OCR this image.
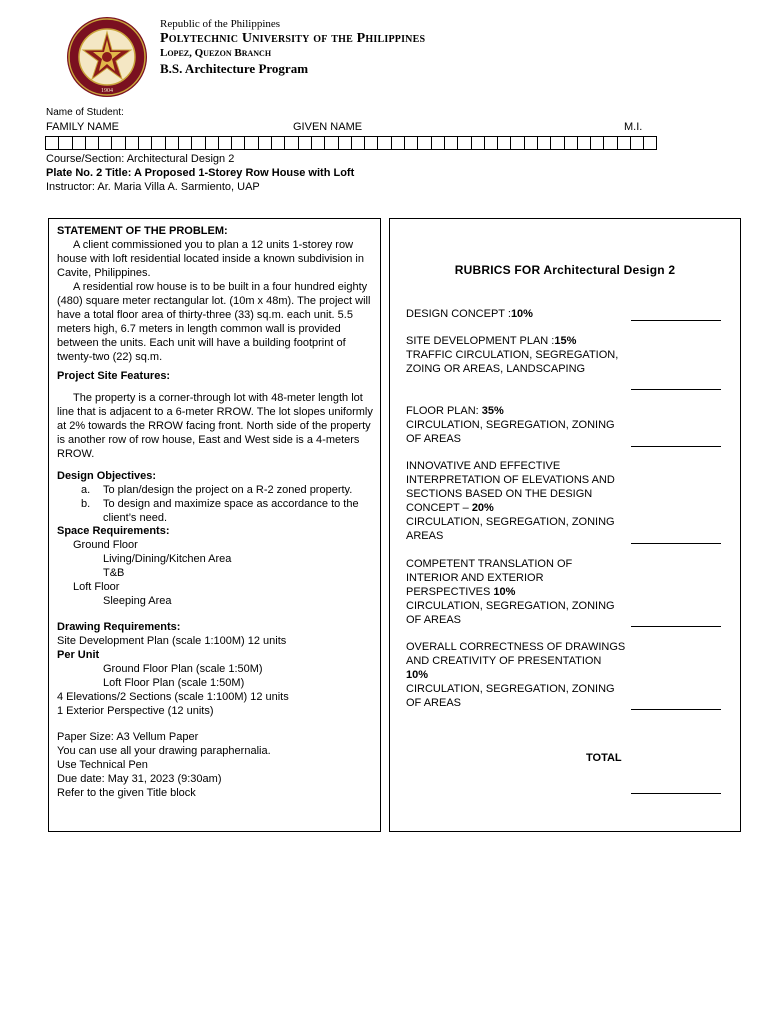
1904
Republic of the Philippines
Polytechnic University of the Philippines
Lopez, Quezon Branch
B.S. Architecture Program
Name of Student:
FAMILY NAME	GIVEN NAME	M.I.
Course/Section: Architectural Design 2
Plate No. 2 Title: A Proposed 1-Storey Row House with Loft
Instructor: Ar. Maria Villa A. Sarmiento, UAP

STATEMENT OF THE PROBLEM:

A client commissioned you to plan a 12 units 1-storey row house with loft residential located inside a known subdivision in Cavite, Philippines.

A residential row house is to be built in a four hundred eighty (480) square meter rectangular lot. (10m x 48m). The project will have a total floor area of thirty-three (33) sq.m. each unit. 5.5 meters high, 6.7 meters in length common wall is provided between the units. Each unit will have a building footprint of twenty-two (22) sq.m.

Project Site Features:

The property is a corner-through lot with 48-meter length lot line that is adjacent to a 6-meter RROW. The lot slopes uniformly at 2% towards the RROW facing front. North side of the property is another row of row house, East and West side is a 4-meters RROW.

Design Objectives:

a.	To plan/design the project on a R-2 zoned property.
b.	To design and maximize space as accordance to the client’s need.

Space Requirements:

Ground Floor

Living/Dining/Kitchen Area

T&B

Loft Floor

Sleeping Area

Drawing Requirements:

Site Development Plan (scale 1:100M) 12 units

Per Unit

Ground Floor Plan (scale 1:50M)

Loft Floor Plan (scale 1:50M)

4 Elevations/2 Sections (scale 1:100M) 12 units

1 Exterior Perspective (12 units)

Paper Size: A3 Vellum Paper

You can use all your drawing paraphernalia.

Use Technical Pen

Due date: May 31, 2023 (9:30am)

Refer to the given Title block

RUBRICS FOR Architectural Design 2
DESIGN CONCEPT :10%
SITE DEVELOPMENT PLAN :15%
TRAFFIC CIRCULATION, SEGREGATION, ZOING OR AREAS, LANDSCAPING
FLOOR PLAN: 35%
CIRCULATION, SEGREGATION, ZONING OF AREAS
INNOVATIVE AND EFFECTIVE INTERPRETATION OF ELEVATIONS AND SECTIONS BASED ON THE DESIGN CONCEPT – 20%
CIRCULATION, SEGREGATION, ZONING AREAS
COMPETENT TRANSLATION OF INTERIOR AND EXTERIOR PERSPECTIVES 10%
CIRCULATION, SEGREGATION, ZONING OF AREAS
OVERALL CORRECTNESS OF DRAWINGS AND CREATIVITY OF PRESENTATION 10%
CIRCULATION, SEGREGATION, ZONING OF AREAS
TOTAL
